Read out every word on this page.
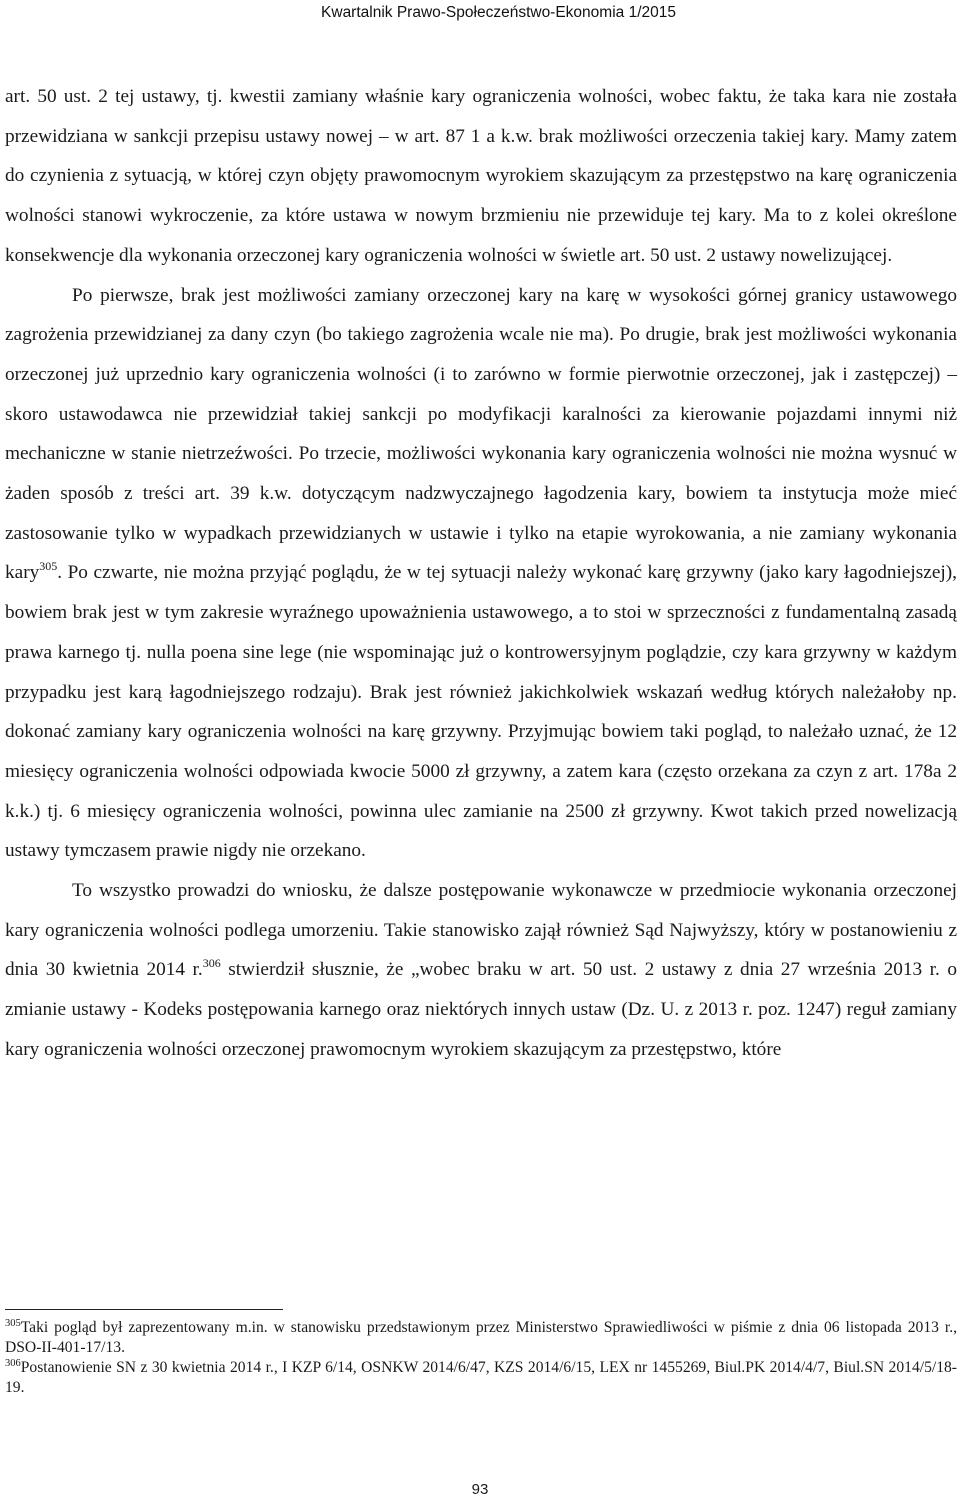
Kwartalnik Prawo-Społeczeństwo-Ekonomia 1/2015

art. 50 ust. 2 tej ustawy, tj. kwestii zamiany właśnie kary ograniczenia wolności, wobec faktu, że taka kara nie została przewidziana w sankcji przepisu ustawy nowej – w art. 87 1 a k.w. brak możliwości orzeczenia takiej kary. Mamy zatem do czynienia z sytuacją, w której czyn objęty prawomocnym wyrokiem skazującym za przestępstwo na karę ograniczenia wolności stanowi wykroczenie, za które ustawa w nowym brzmieniu nie przewiduje tej kary. Ma to z kolei określone konsekwencje dla wykonania orzeczonej kary ograniczenia wolności w świetle art. 50 ust. 2 ustawy nowelizującej.

Po pierwsze, brak jest możliwości zamiany orzeczonej kary na karę w wysokości górnej granicy ustawowego zagrożenia przewidzianej za dany czyn (bo takiego zagrożenia wcale nie ma). Po drugie, brak jest możliwości wykonania orzeczonej już uprzednio kary ograniczenia wolności (i to zarówno w formie pierwotnie orzeczonej, jak i zastępczej) – skoro ustawodawca nie przewidział takiej sankcji po modyfikacji karalności za kierowanie pojazdami innymi niż mechaniczne w stanie nietrzeźwości. Po trzecie, możliwości wykonania kary ograniczenia wolności nie można wysnuć w żaden sposób z treści art. 39 k.w. dotyczącym nadzwyczajnego łagodzenia kary, bowiem ta instytucja może mieć zastosowanie tylko w wypadkach przewidzianych w ustawie i tylko na etapie wyrokowania, a nie zamiany wykonania kary$^{305}$. Po czwarte, nie można przyjąć poglądu, że w tej sytuacji należy wykonać karę grzywny (jako kary łagodniejszej), bowiem brak jest w tym zakresie wyraźnego upoważnienia ustawowego, a to stoi w sprzeczności z fundamentalną zasadą prawa karnego tj. nulla poena sine lege (nie wspominając już o kontrowersyjnym poglądzie, czy kara grzywny w każdym przypadku jest karą łagodniejszego rodzaju). Brak jest również jakichkolwiek wskazań według których należałoby np. dokonać zamiany kary ograniczenia wolności na karę grzywny. Przyjmując bowiem taki pogląd, to należało uznać, że 12 miesięcy ograniczenia wolności odpowiada kwocie 5000 zł grzywny, a zatem kara (często orzekana za czyn z art. 178a 2 k.k.) tj. 6 miesięcy ograniczenia wolności, powinna ulec zamianie na 2500 zł grzywny. Kwot takich przed nowelizacją ustawy tymczasem prawie nigdy nie orzekano.

To wszystko prowadzi do wniosku, że dalsze postępowanie wykonawcze w przedmiocie wykonania orzeczonej kary ograniczenia wolności podlega umorzeniu. Takie stanowisko zajął również Sąd Najwyższy, który w postanowieniu z dnia 30 kwietnia 2014 r.$^{306}$ stwierdził słusznie, że „wobec braku w art. 50 ust. 2 ustawy z dnia 27 września 2013 r. o zmianie ustawy - Kodeks postępowania karnego oraz niektórych innych ustaw (Dz. U. z 2013 r. poz. 1247) reguł zamiany kary ograniczenia wolności orzeczonej prawomocnym wyrokiem skazującym za przestępstwo, które

$^{305}$Taki pogląd był zaprezentowany m.in. w stanowisku przedstawionym przez Ministerstwo Sprawiedliwości w piśmie z dnia 06 listopada 2013 r., DSO-II-401-17/13.

$^{306}$Postanowienie SN z 30 kwietnia 2014 r., I KZP 6/14, OSNKW 2014/6/47, KZS 2014/6/15, LEX nr 1455269, Biul.PK 2014/4/7, Biul.SN 2014/5/18-19.

93
